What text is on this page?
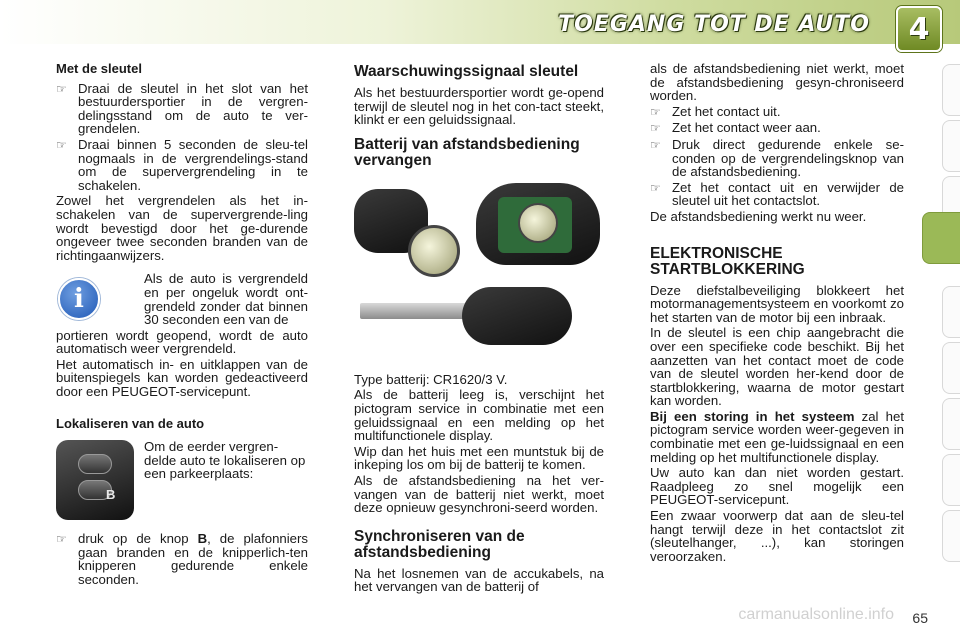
TOEGANG TOT DE AUTO 4
Met de sleutel
☞ Draai de sleutel in het slot van het bestuurdersportier in de vergren-delingsstand om de auto te ver-grendelen.
☞ Draai binnen 5 seconden de sleu-tel nogmaals in de vergrendelings-stand om de supervergrendeling in te schakelen.

Zowel het vergrendelen als het in-schakelen van de supervergrende-ling wordt bevestigd door het ge-durende ongeveer twee seconden branden van de richtingaanwijzers.

i

Als de auto is vergrendeld en per ongeluk wordt ont-grendeld zonder dat binnen 30 seconden een van de

portieren wordt geopend, wordt de auto automatisch weer vergrendeld.

Het automatisch in- en uitklappen van de buitenspiegels kan worden gedeactiveerd door een PEUGEOT-servicepunt.

Lokaliseren van de auto
B

Om de eerder vergren-delde auto te lokaliseren op een parkeerplaats:

☞ druk op de knop B, de plafonniers gaan branden en de knipperlich-ten knipperen gedurende enkele seconden.
Waarschuwingssignaal sleutel

Als het bestuurdersportier wordt ge-opend terwijl de sleutel nog in het con-tact steekt, klinkt er een geluidssignaal.

Batterij van afstandsbediening vervangen

Type batterij: CR1620/3 V.

Als de batterij leeg is, verschijnt het pictogram service in combinatie met een geluidssignaal en een melding op het multifunctionele display.

Wip dan het huis met een muntstuk bij de inkeping los om bij de batterij te komen.

Als de afstandsbediening na het ver-vangen van de batterij niet werkt, moet deze opnieuw gesynchroni-seerd worden.

Synchroniseren van de afstandsbediening

Na het losnemen van de accukabels, na het vervangen van de batterij of

als de afstandsbediening niet werkt, moet de afstandsbediening gesyn-chroniseerd worden.

☞ Zet het contact uit.
☞ Zet het contact weer aan.
☞ Druk direct gedurende enkele se-conden op de vergrendelingsknop van de afstandsbediening.
☞ Zet het contact uit en verwijder de sleutel uit het contactslot.

De afstandsbediening werkt nu weer.

ELEKTRONISCHE STARTBLOKKERING

Deze diefstalbeveiliging blokkeert het motormanagementsysteem en voorkomt zo het starten van de motor bij een inbraak.

In de sleutel is een chip aangebracht die over een specifieke code beschikt. Bij het aanzetten van het contact moet de code van de sleutel worden her-kend door de startblokkering, waarna de motor gestart kan worden.

Bij een storing in het systeem zal het pictogram service worden weer-gegeven in combinatie met een ge-luidssignaal en een melding op het multifunctionele display.

Uw auto kan dan niet worden gestart. Raadpleeg zo snel mogelijk een PEUGEOT-servicepunt.

Een zwaar voorwerp dat aan de sleu-tel hangt terwijl deze in het contactslot zit (sleutelhanger, ...), kan storingen veroorzaken.

carmanualsonline.info 65
